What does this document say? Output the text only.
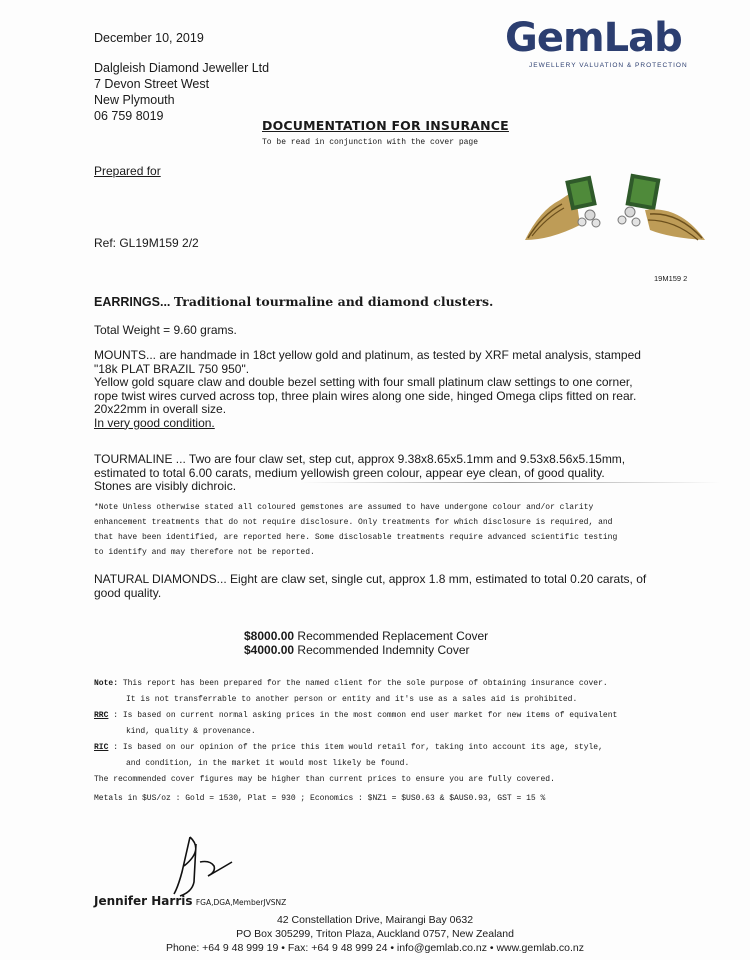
December 10, 2019
Dalgleish Diamond Jeweller Ltd
7 Devon Street West
New Plymouth
06 759 8019
GemLab
JEWELLERY VALUATION & PROTECTION
DOCUMENTATION FOR INSURANCE
To be read in conjunction with the cover page
Prepared for
Ref: GL19M159 2/2
19M159 2
EARRINGS... Traditional tourmaline and diamond clusters.
Total Weight = 9.60 grams.
MOUNTS... are handmade in 18ct yellow gold and platinum, as tested by XRF metal analysis, stamped
"18k PLAT BRAZIL 750 950".
Yellow gold square claw and double bezel setting with four small platinum claw settings to one corner,
rope twist wires curved across top, three plain wires along one side, hinged Omega clips fitted on rear.
20x22mm in overall size.
In very good condition.
TOURMALINE ... Two are four claw set, step cut, approx 9.38x8.65x5.1mm and 9.53x8.56x5.15mm,
estimated to total 6.00 carats, medium yellowish green colour, appear eye clean, of good quality.
Stones are visibly dichroic.
*Note Unless otherwise stated all coloured gemstones are assumed to have undergone colour and/or clarity
enhancement treatments that do not require disclosure. Only treatments for which disclosure is required, and
that have been identified, are reported here. Some disclosable treatments require advanced scientific testing
to identify and may therefore not be reported.
NATURAL DIAMONDS... Eight are claw set, single cut, approx 1.8 mm, estimated to total 0.20 carats, of
good quality.
$8000.00 Recommended Replacement Cover
$4000.00 Recommended Indemnity Cover
Note: This report has been prepared for the named client for the sole purpose of obtaining insurance cover.
It is not transferrable to another person or entity and it's use as a sales aid is prohibited.
RRC : Is based on current normal asking prices in the most common end user market for new items of equivalent
kind, quality & provenance.
RIC : Is based on our opinion of the price this item would retail for, taking into account its age, style,
and condition, in the market it would most likely be found.
The recommended cover figures may be higher than current prices to ensure you are fully covered.
Metals in $US/oz : Gold = 1530, Plat = 930 ; Economics : $NZ1 = $US0.63 & $AUS0.93, GST = 15 %
Jennifer Harris FGA,DGA,MemberJVSNZ
42 Constellation Drive, Mairangi Bay 0632
PO Box 305299, Triton Plaza, Auckland 0757, New Zealand
Phone: +64 9 48 999 19 • Fax: +64 9 48 999 24 • info@gemlab.co.nz • www.gemlab.co.nz
